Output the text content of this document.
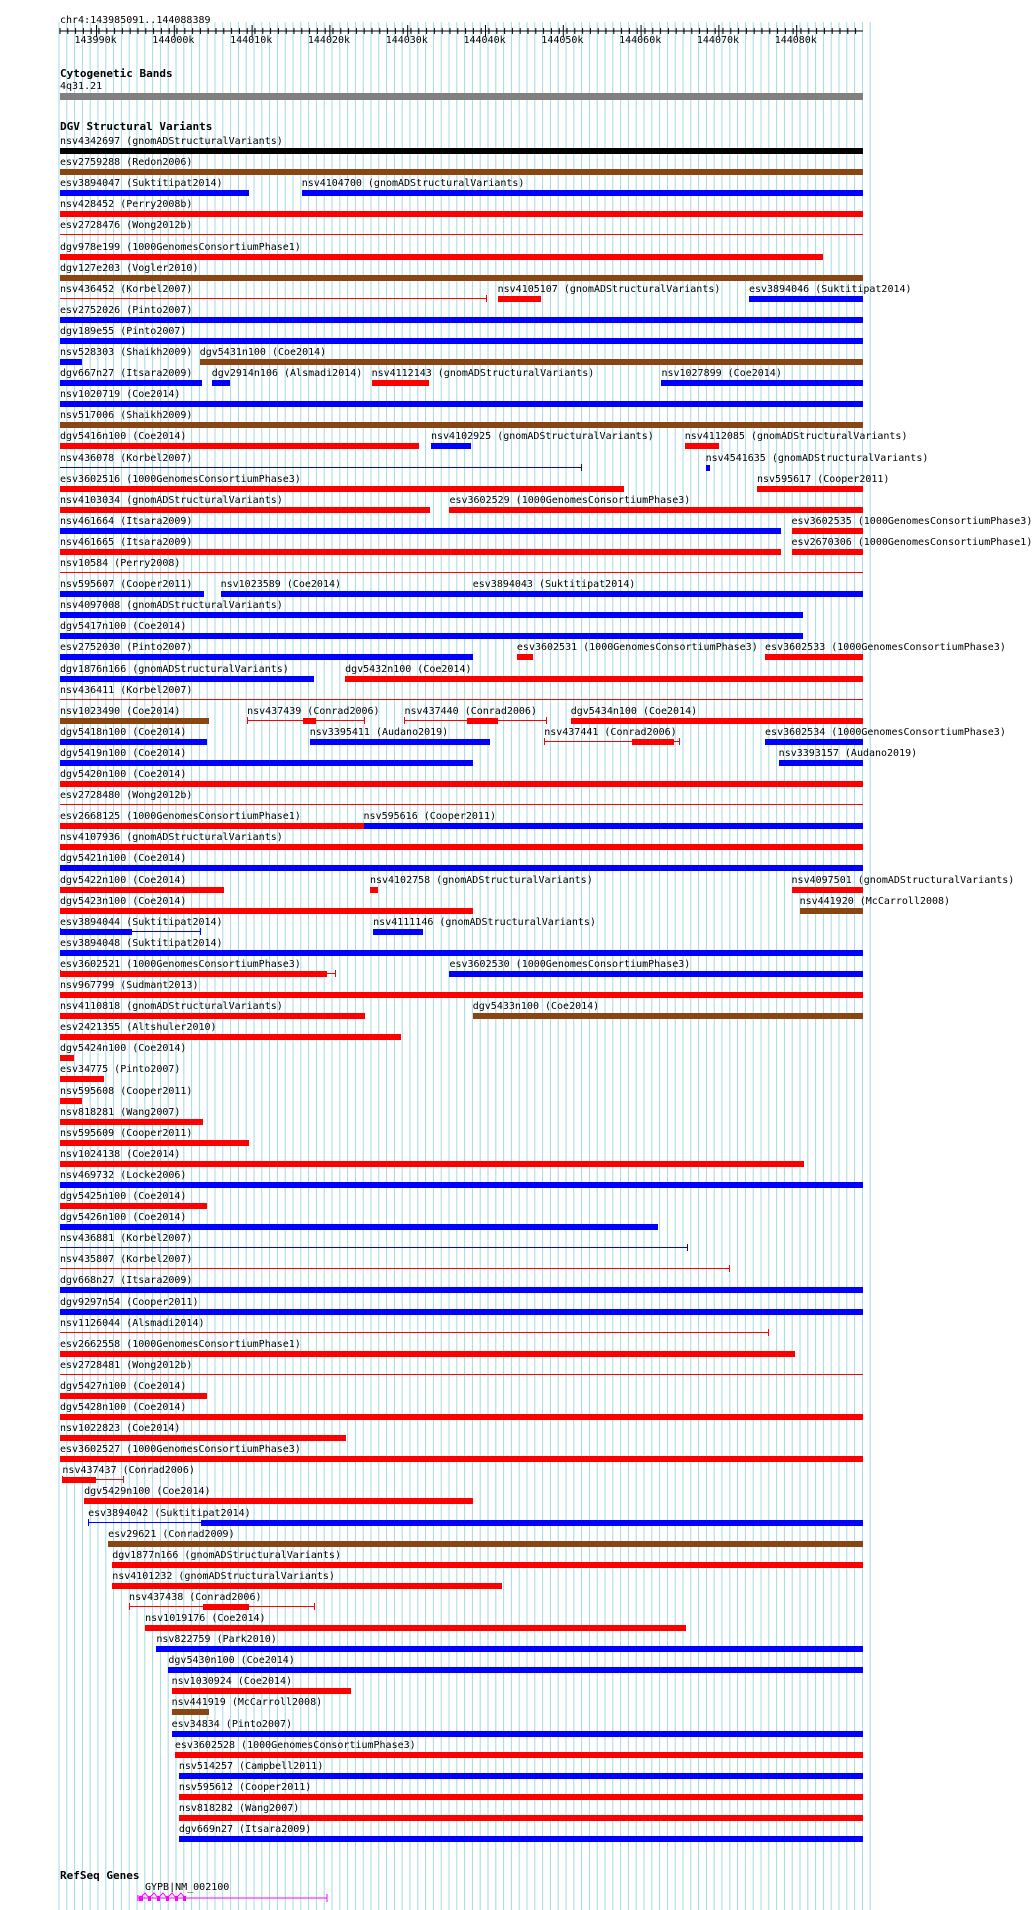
chr4:143985091..144088389
143990k	144000k	144010k	144020k	144030k	144040k	144050k	144060k	144070k	144080k
Cytogenetic Bands
4q31.21
DGV Structural Variants
nsv4342697 (gnomADStructuralVariants)
esv2759288 (Redon2006)
esv3894047 (Suktitipat2014)	nsv4104700 (gnomADStructuralVariants)
nsv428452 (Perry2008b)
esv2728476 (Wong2012b)
dgv978e199 (1000GenomesConsortiumPhase1)
dgv127e203 (Vogler2010)
nsv436452 (Korbel2007)	nsv4105107 (gnomADStructuralVariants)	esv3894046 (Suktitipat2014)
esv2752026 (Pinto2007)
dgv189e55 (Pinto2007)
nsv528303 (Shaikh2009) dgv5431n100 (Coe2014)
dgv667n27 (Itsara2009) dgv2914n106 (Alsmadi2014) nsv4112143 (gnomADStructuralVariants)	nsv1027899 (Coe2014)
nsv1020719 (Coe2014)
nsv517006 (Shaikh2009)
dgv5416n100 (Coe2014)	nsv4102925 (gnomADStructuralVariants)	nsv4112085 (gnomADStructuralVariants)
nsv436078 (Korbel2007)	nsv4541635 (gnomADStructuralVariants)
esv3602516 (1000GenomesConsortiumPhase3)	nsv595617 (Cooper2011)
nsv4103034 (gnomADStructuralVariants)	esv3602529 (1000GenomesConsortiumPhase3)
nsv461664 (Itsara2009)	esv3602535 (1000GenomesConsortiumPhase3)
nsv461665 (Itsara2009)	esv2670306 (1000GenomesConsortiumPhase1)
nsv10584 (Perry2008)
nsv595607 (Cooper2011)	nsv1023589 (Coe2014)	esv3894043 (Suktitipat2014)
nsv4097008 (gnomADStructuralVariants)
dgv5417n100 (Coe2014)
esv2752030 (Pinto2007)	esv3602531 (1000GenomesConsortiumPhase3) esv3602533 (1000GenomesConsortiumPhase3)
dgv1876n166 (gnomADStructuralVariants)	dgv5432n100 (Coe2014)
nsv436411 (Korbel2007)
nsv1023490 (Coe2014)	nsv437439 (Conrad2006) nsv437440 (Conrad2006)	dgv5434n100 (Coe2014)
dgv5418n100 (Coe2014)	nsv3395411 (Audano2019)	nsv437441 (Conrad2006)	esv3602534 (1000GenomesConsortiumPhase3)
dgv5419n100 (Coe2014)	nsv3393157 (Audano2019)
dgv5420n100 (Coe2014)
esv2728480 (Wong2012b)
esv2668125 (1000GenomesConsortiumPhase1)	nsv595616 (Cooper2011)
nsv4107936 (gnomADStructuralVariants)
dgv5421n100 (Coe2014)
dgv5422n100 (Coe2014)	nsv4102758 (gnomADStructuralVariants)	nsv4097501 (gnomADStructuralVariants)
dgv5423n100 (Coe2014)	nsv441920 (McCarroll2008)
esv3894044 (Suktitipat2014)	nsv4111146 (gnomADStructuralVariants)
esv3894048 (Suktitipat2014)
esv3602521 (1000GenomesConsortiumPhase3)	esv3602530 (1000GenomesConsortiumPhase3)
nsv967799 (Sudmant2013)
nsv4110818 (gnomADStructuralVariants)	dgv5433n100 (Coe2014)
esv2421355 (Altshuler2010)
dgv5424n100 (Coe2014)
esv34775 (Pinto2007)
nsv595608 (Cooper2011)
nsv818281 (Wang2007)
nsv595609 (Cooper2011)
nsv1024138 (Coe2014)
nsv469732 (Locke2006)
dgv5425n100 (Coe2014)
dgv5426n100 (Coe2014)
nsv436881 (Korbel2007)
nsv435807 (Korbel2007)
dgv668n27 (Itsara2009)
dgv9297n54 (Cooper2011)
nsv1126044 (Alsmadi2014)
esv2662558 (1000GenomesConsortiumPhase1)
esv2728481 (Wong2012b)
dgv5427n100 (Coe2014)
dgv5428n100 (Coe2014)
nsv1022823 (Coe2014)
esv3602527 (1000GenomesConsortiumPhase3)
nsv437437 (Conrad2006)
dgv5429n100 (Coe2014)
esv3894042 (Suktitipat2014)
esv29621 (Conrad2009)
dgv1877n166 (gnomADStructuralVariants)
nsv4101232 (gnomADStructuralVariants)
nsv437438 (Conrad2006)
nsv1019176 (Coe2014)
nsv822759 (Park2010)
dgv5430n100 (Coe2014)
nsv1030924 (Coe2014)
nsv441919 (McCarroll2008)
esv34834 (Pinto2007)
esv3602528 (1000GenomesConsortiumPhase3)
nsv514257 (Campbell2011)
nsv595612 (Cooper2011)
nsv818282 (Wang2007)
dgv669n27 (Itsara2009)
RefSeq Genes
GYPB|NM_002100
